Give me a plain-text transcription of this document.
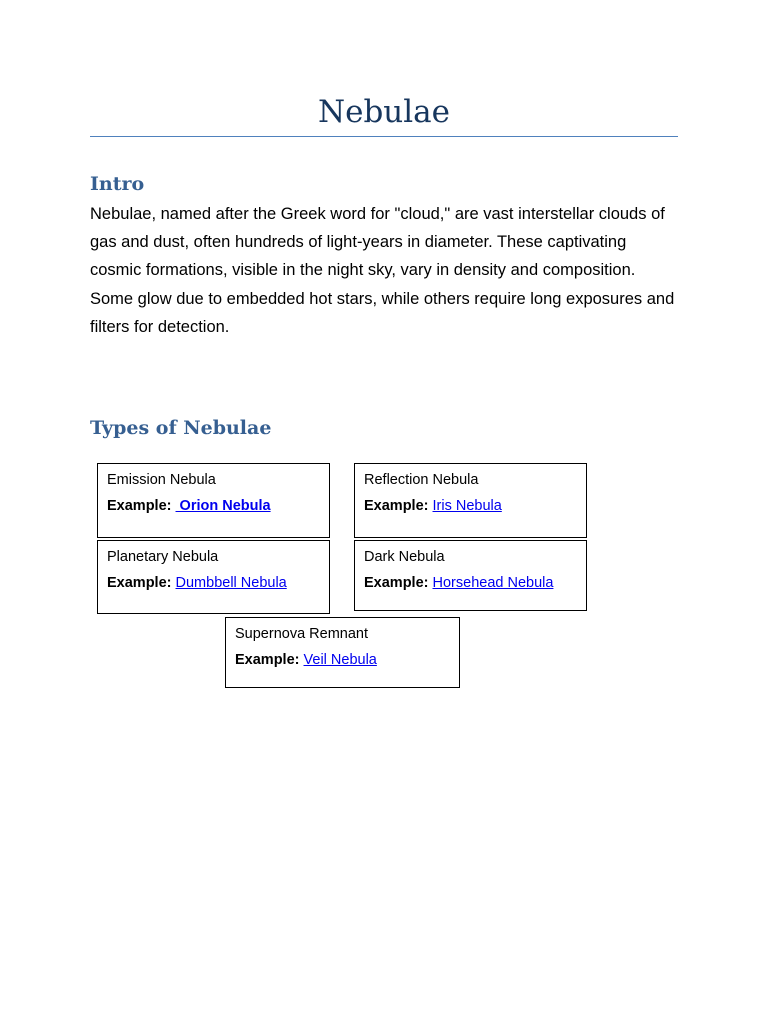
Nebulae
Intro

Nebulae, named after the Greek word for "cloud," are vast interstellar clouds of gas and dust, often hundreds of light-years in diameter. These captivating cosmic formations, visible in the night sky, vary in density and composition. Some glow due to embedded hot stars, while others require long exposures and filters for detection.

Types of Nebulae
Emission Nebula
Example:  Orion Nebula
Reflection Nebula
Example: Iris Nebula
Planetary Nebula
Example: Dumbbell Nebula
Dark Nebula
Example: Horsehead Nebula
Supernova Remnant
Example: Veil Nebula
